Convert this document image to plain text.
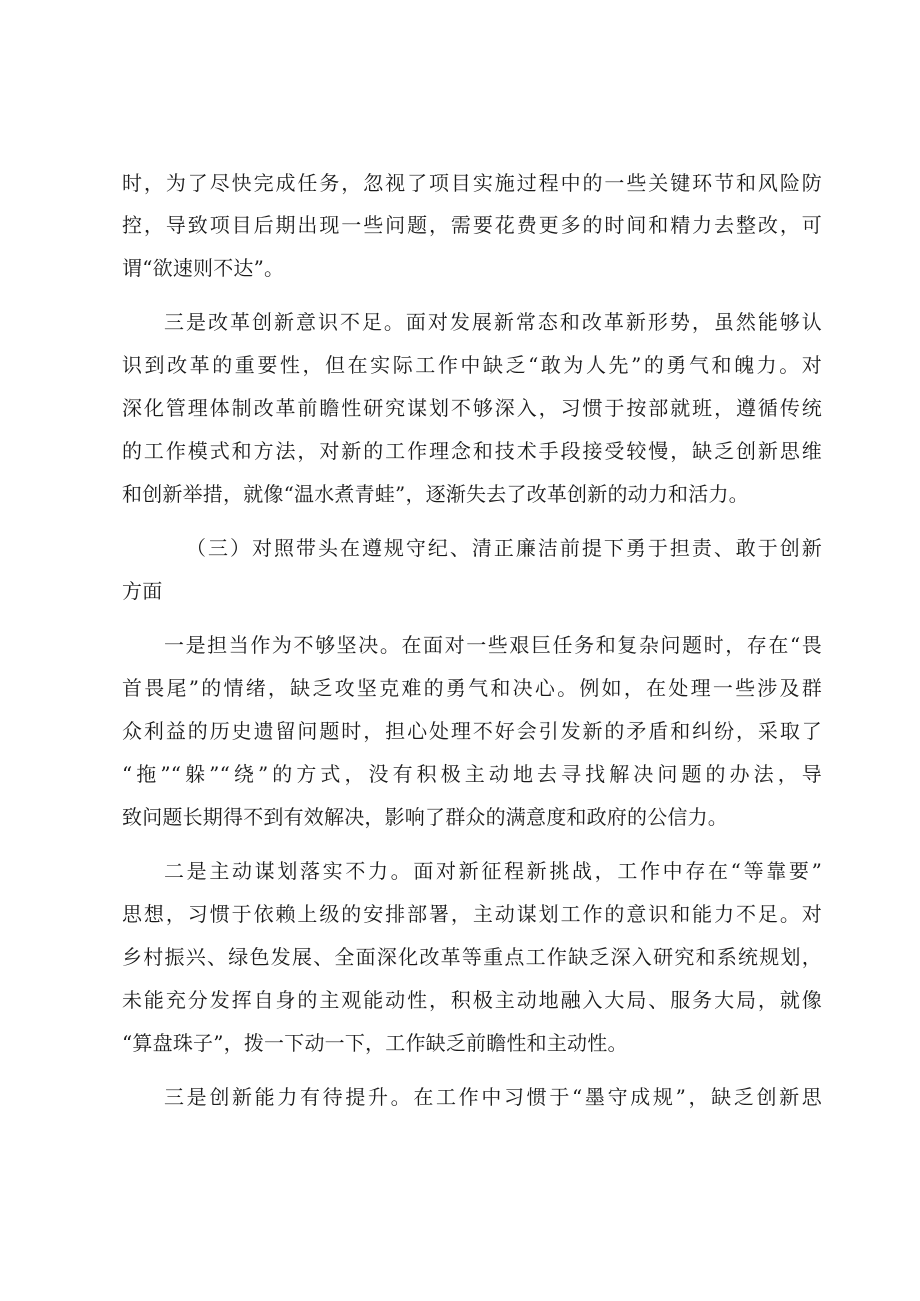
时，为了尽快完成任务，忽视了项目实施过程中的一些关键环节和风险防
控，导致项目后期出现一些问题，需要花费更多的时间和精力去整改，可
谓“欲速则不达”。
三是改革创新意识不足。面对发展新常态和改革新形势，虽然能够认
识到改革的重要性，但在实际工作中缺乏“敢为人先”的勇气和魄力。对
深化管理体制改革前瞻性研究谋划不够深入，习惯于按部就班，遵循传统
的工作模式和方法，对新的工作理念和技术手段接受较慢，缺乏创新思维
和创新举措，就像“温水煮青蛙”，逐渐失去了改革创新的动力和活力。
（三）对照带头在遵规守纪、清正廉洁前提下勇于担责、敢于创新
方面
一是担当作为不够坚决。在面对一些艰巨任务和复杂问题时，存在“畏
首畏尾”的情绪，缺乏攻坚克难的勇气和决心。例如，在处理一些涉及群
众利益的历史遗留问题时，担心处理不好会引发新的矛盾和纠纷，采取了
“拖”“躲”“绕”的方式，没有积极主动地去寻找解决问题的办法，导
致问题长期得不到有效解决，影响了群众的满意度和政府的公信力。
二是主动谋划落实不力。面对新征程新挑战，工作中存在“等靠要”
思想，习惯于依赖上级的安排部署，主动谋划工作的意识和能力不足。对
乡村振兴、绿色发展、全面深化改革等重点工作缺乏深入研究和系统规划，
未能充分发挥自身的主观能动性，积极主动地融入大局、服务大局，就像
“算盘珠子”，拨一下动一下，工作缺乏前瞻性和主动性。
三是创新能力有待提升。在工作中习惯于“墨守成规”，缺乏创新思
